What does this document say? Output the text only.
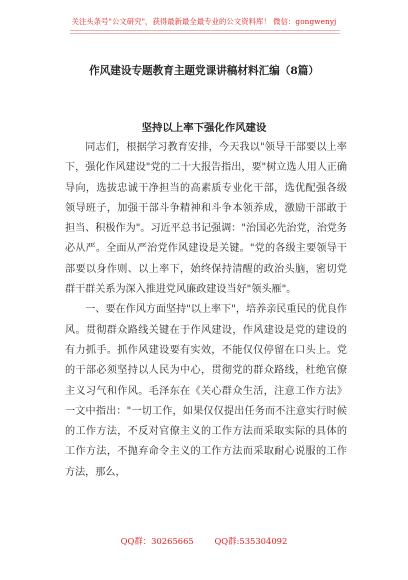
关注头条号"公文研究"，获得最新最全最专业的公文资料库！ 微信：gongwenyj
作风建设专题教育主题党课讲稿材料汇编（8篇）
坚持以上率下强化作风建设

同志们，根据学习教育安排，今天我以"领导干部要以上率下，强化作风建设"党的二十大报告指出，要"树立选人用人正确导向，选拔忠诚干净担当的高素质专业化干部，选优配强各级领导班子，加强干部斗争精神和斗争本领养成，激励干部敢于担当、积极作为"。习近平总书记强调："治国必先治党，治党务必从严。全面从严治党作风建设是关键。"党的各级主要领导干部要以身作则、以上率下，始终保持清醒的政治头脑，密切党群干群关系为深入推进党风廉政建设当好"领头雁"。

一、要在作风方面坚持"以上率下"，培养亲民重民的优良作风。贯彻群众路线关键在于作风建设，作风建设是党的建设的有力抓手。抓作风建设要有实效，不能仅仅停留在口头上。党的干部必须坚持以人民为中心，贯彻党的群众路线，杜绝官僚主义习气和作风。毛泽东在《关心群众生活，注意工作方法》一文中指出："一切工作，如果仅仅提出任务而不注意实行时候的工作方法，不反对官僚主义的工作方法而采取实际的具体的工作方法，不抛弃命令主义的工作方法而采取耐心说服的工作方法，那么，

QQ群：30265665 QQ群:535304092
